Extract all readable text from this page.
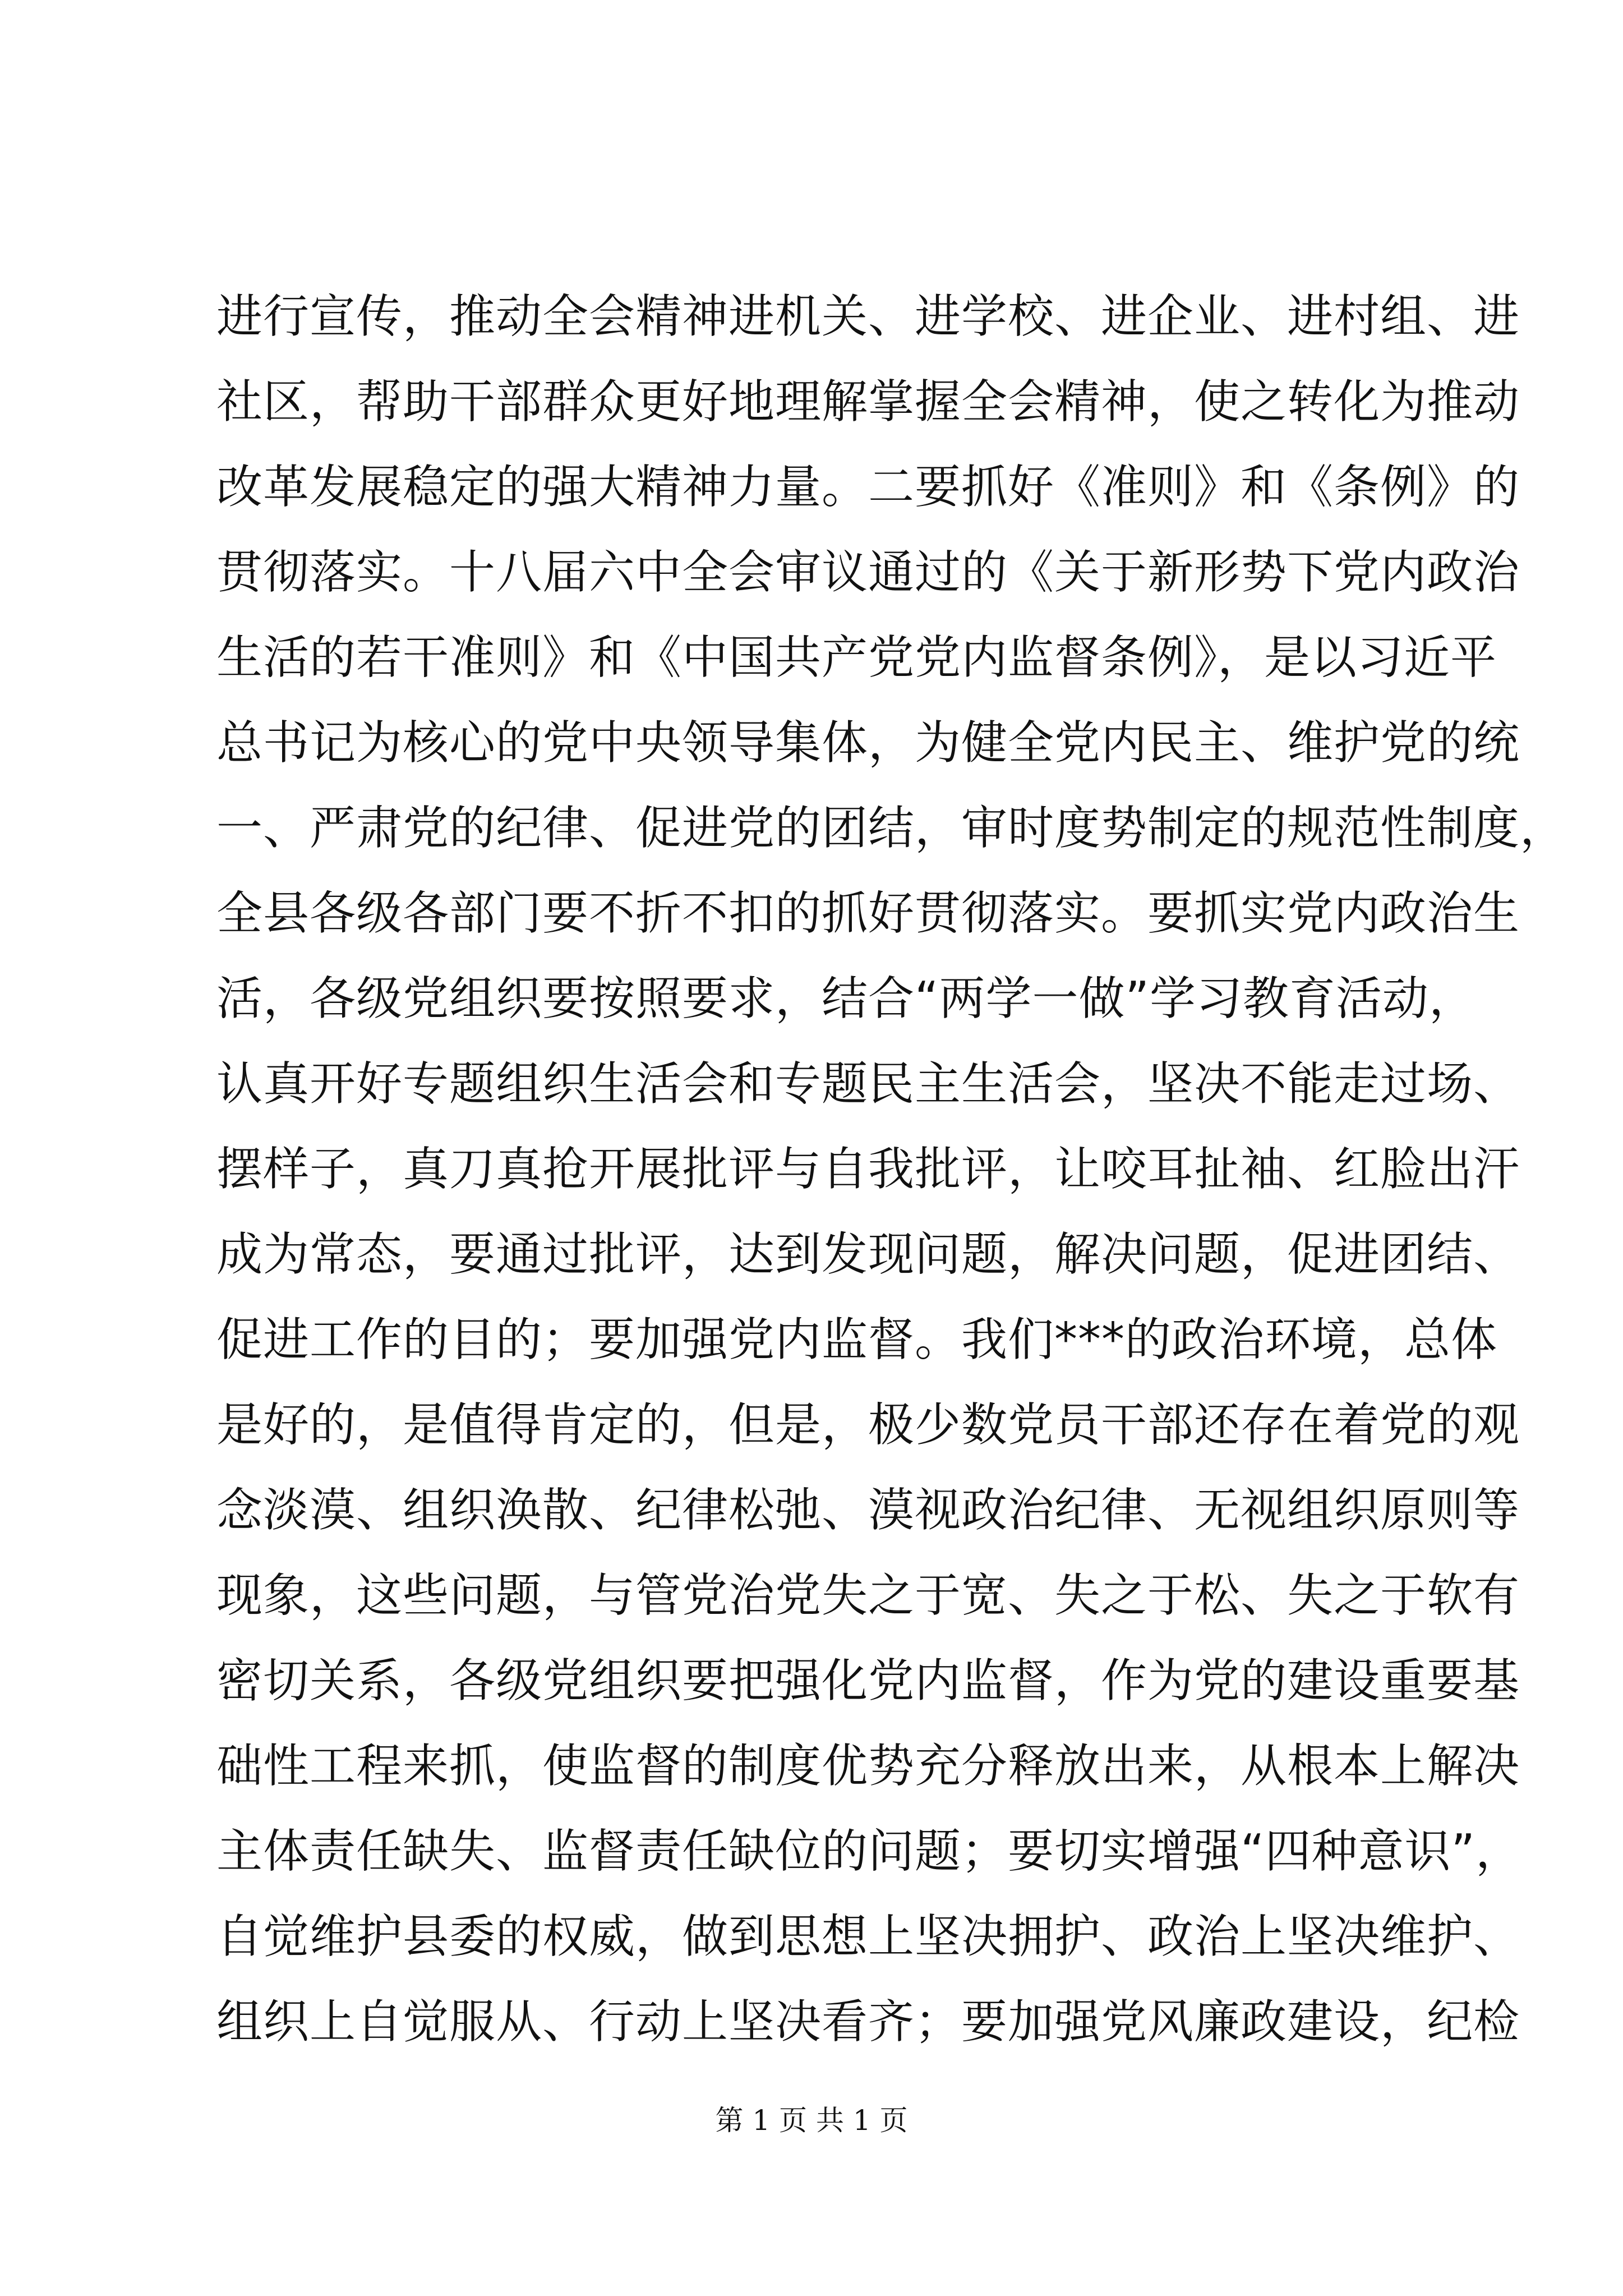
进行宣传，推动全会精神进机关、进学校、进企业、进村组、进
社区，帮助干部群众更好地理解掌握全会精神，使之转化为推动
改革发展稳定的强大精神力量。二要抓好《准则》和《条例》的
贯彻落实。十八届六中全会审议通过的《关于新形势下党内政治
生活的若干准则》和《中国共产党党内监督条例》，是以习近平
总书记为核心的党中央领导集体，为健全党内民主、维护党的统
一、严肃党的纪律、促进党的团结，审时度势制定的规范性制度，
全县各级各部门要不折不扣的抓好贯彻落实。要抓实党内政治生
活，各级党组织要按照要求，结合“两学一做”学习教育活动，
认真开好专题组织生活会和专题民主生活会，坚决不能走过场、
摆样子，真刀真抢开展批评与自我批评，让咬耳扯袖、红脸出汗
成为常态，要通过批评，达到发现问题，解决问题，促进团结、
促进工作的目的；要加强党内监督。我们***的政治环境，总体
是好的，是值得肯定的，但是，极少数党员干部还存在着党的观
念淡漠、组织涣散、纪律松弛、漠视政治纪律、无视组织原则等
现象，这些问题，与管党治党失之于宽、失之于松、失之于软有
密切关系，各级党组织要把强化党内监督，作为党的建设重要基
础性工程来抓，使监督的制度优势充分释放出来，从根本上解决
主体责任缺失、监督责任缺位的问题；要切实增强“四种意识”，
自觉维护县委的权威，做到思想上坚决拥护、政治上坚决维护、
组织上自觉服从、行动上坚决看齐；要加强党风廉政建设，纪检
第 1 页 共 1 页
